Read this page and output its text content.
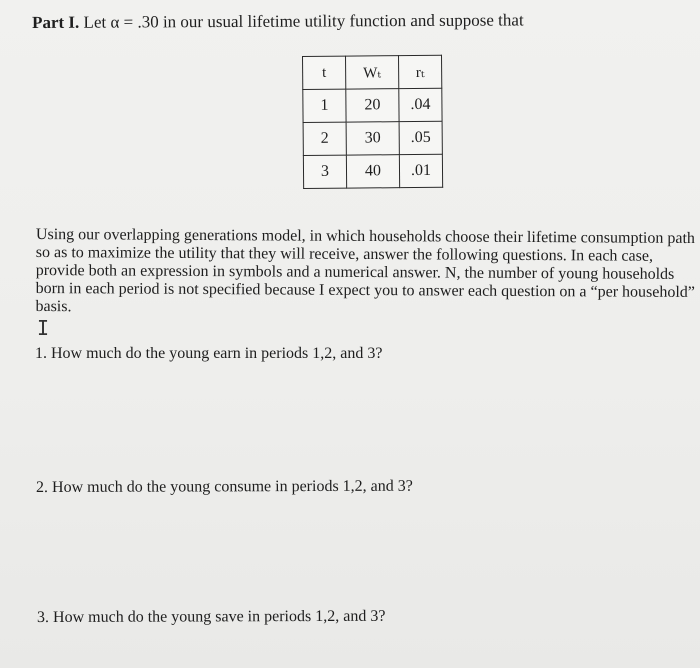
Part I. Let α = .30 in our usual lifetime utility function and suppose that
t	Wₜ	rₜ
1	20	.04
2	30	.05
3	40	.01
Using our overlapping generations model, in which households choose their lifetime consumption path so as to maximize the utility that they will receive, answer the following questions. In each case, provide both an expression in symbols and a numerical answer. N, the number of young households born in each period is not specified because I expect you to answer each question on a “per household” basis.
I
1. How much do the young earn in periods 1,2, and 3?
2. How much do the young consume in periods 1,2, and 3?
3. How much do the young save in periods 1,2, and 3?
